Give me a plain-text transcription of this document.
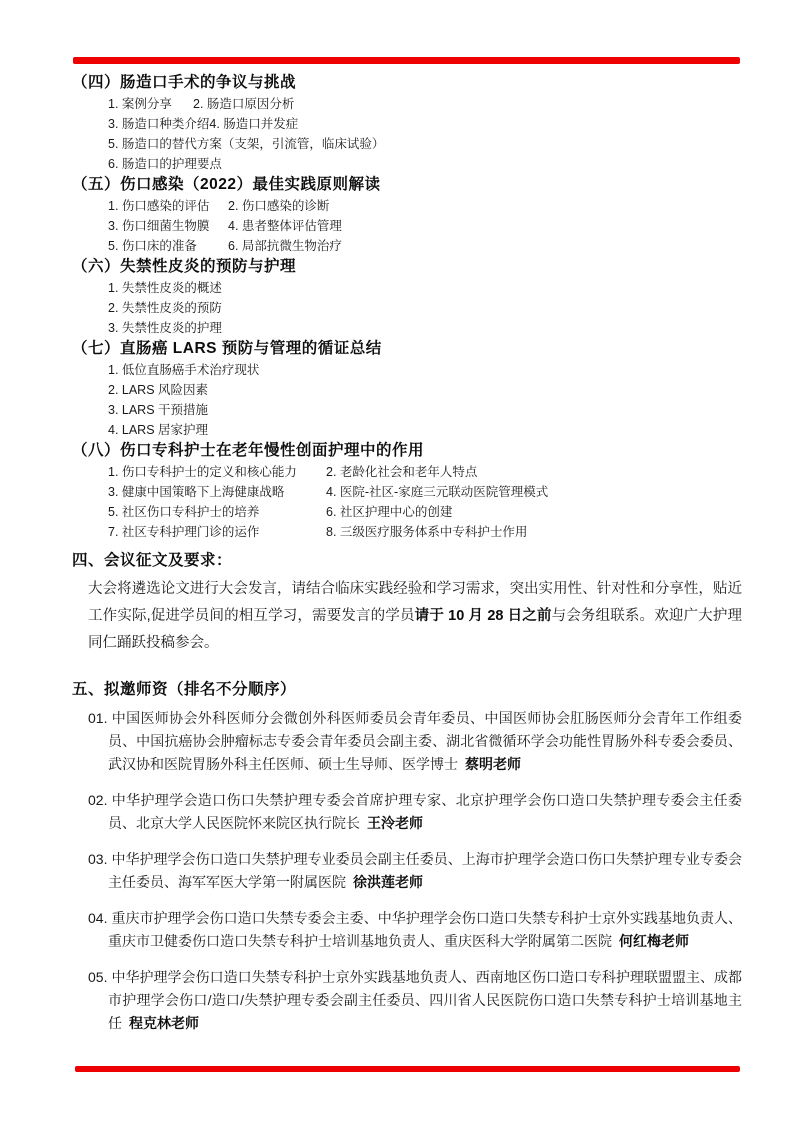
（四）肠造口手术的争议与挑战
1. 案例分享 2. 肠造口原因分析
3. 肠造口种类介绍4. 肠造口并发症
5. 肠造口的替代方案（支架，引流管，临床试验）
6. 肠造口的护理要点
（五）伤口感染（2022）最佳实践原则解读
1. 伤口感染的评估 2. 伤口感染的诊断
3. 伤口细菌生物膜 4. 患者整体评估管理
5. 伤口床的准备 6. 局部抗微生物治疗
（六）失禁性皮炎的预防与护理
1. 失禁性皮炎的概述
2. 失禁性皮炎的预防
3. 失禁性皮炎的护理
（七）直肠癌 LARS 预防与管理的循证总结
1. 低位直肠癌手术治疗现状
2. LARS 风险因素
3. LARS 干预措施
4. LARS 居家护理
（八）伤口专科护士在老年慢性创面护理中的作用
1. 伤口专科护士的定义和核心能力 2. 老龄化社会和老年人特点
3. 健康中国策略下上海健康战略	4. 医院-社区-家庭三元联动医院管理模式
5. 社区伤口专科护士的培养	6. 社区护理中心的创建
7. 社区专科护理门诊的运作	8. 三级医疗服务体系中专科护士作用
四、会议征文及要求：

大会将遴选论文进行大会发言，请结合临床实践经验和学习需求，突出实用性、针对性和分享性，贴近工作实际,促进学员间的相互学习，需要发言的学员请于 10 月 28 日之前与会务组联系。欢迎广大护理同仁踊跃投稿参会。

五、拟邀师资（排名不分顺序）
01. 中国医师协会外科医师分会微创外科医师委员会青年委员、中国医师协会肛肠医师分会青年工作组委员、中国抗癌协会肿瘤标志专委会青年委员会副主委、湖北省微循环学会功能性胃肠外科专委会委员、武汉协和医院胃肠外科主任医师、硕士生导师、医学博士 蔡明老师
02. 中华护理学会造口伤口失禁护理专委会首席护理专家、北京护理学会伤口造口失禁护理专委会主任委员、北京大学人民医院怀来院区执行院长 王泠老师
03. 中华护理学会伤口造口失禁护理专业委员会副主任委员、上海市护理学会造口伤口失禁护理专业专委会主任委员、海军军医大学第一附属医院 徐洪莲老师
04. 重庆市护理学会伤口造口失禁专委会主委、中华护理学会伤口造口失禁专科护士京外实践基地负责人、重庆市卫健委伤口造口失禁专科护士培训基地负责人、重庆医科大学附属第二医院 何红梅老师
05. 中华护理学会伤口造口失禁专科护士京外实践基地负责人、西南地区伤口造口专科护理联盟盟主、成都市护理学会伤口/造口/失禁护理专委会副主任委员、四川省人民医院伤口造口失禁专科护士培训基地主任 程克林老师
